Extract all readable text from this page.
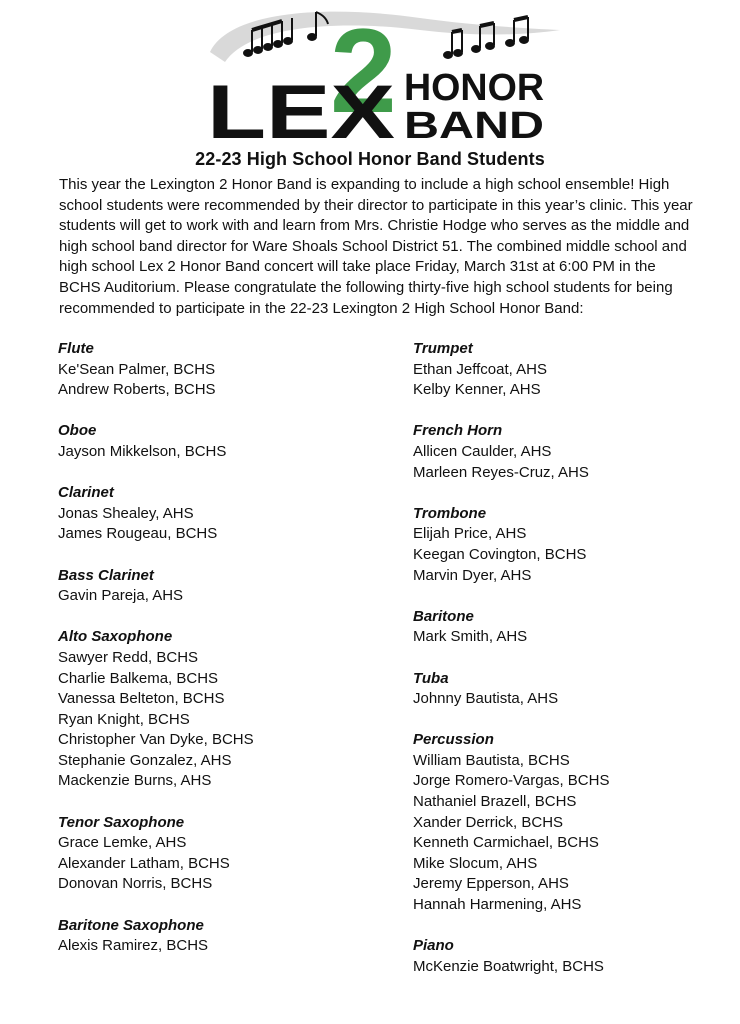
2
LEX HONOR
BAND
22-23 High School Honor Band Students

This year the Lexington 2 Honor Band is expanding to include a high school ensemble! High school students were recommended by their director to participate in this year’s clinic. This year students will get to work with and learn from Mrs. Christie Hodge who serves as the middle and high school band director for Ware Shoals School District 51. The combined middle school and high school Lex 2 Honor Band concert will take place Friday, March 31st at 6:00 PM in the BCHS Auditorium. Please congratulate the following thirty-five high school students for being recommended to participate in the 22-23 Lexington 2 High School Honor Band:

Flute
Ke'Sean Palmer, BCHS
Andrew Roberts, BCHS
Oboe
Jayson Mikkelson, BCHS
Clarinet
Jonas Shealey, AHS
James Rougeau, BCHS
Bass Clarinet
Gavin Pareja, AHS
Alto Saxophone
Sawyer Redd, BCHS
Charlie Balkema, BCHS
Vanessa Belteton, BCHS
Ryan Knight, BCHS
Christopher Van Dyke, BCHS
Stephanie Gonzalez, AHS
Mackenzie Burns, AHS
Tenor Saxophone
Grace Lemke, AHS
Alexander Latham, BCHS
Donovan Norris, BCHS
Baritone Saxophone
Alexis Ramirez, BCHS
Trumpet
Ethan Jeffcoat, AHS
Kelby Kenner, AHS
French Horn
Allicen Caulder, AHS
Marleen Reyes-Cruz, AHS
Trombone
Elijah Price, AHS
Keegan Covington, BCHS
Marvin Dyer, AHS
Baritone
Mark Smith, AHS
Tuba
Johnny Bautista, AHS
Percussion
William Bautista, BCHS
Jorge Romero-Vargas, BCHS
Nathaniel Brazell, BCHS
Xander Derrick, BCHS
Kenneth Carmichael, BCHS
Mike Slocum, AHS
Jeremy Epperson, AHS
Hannah Harmening, AHS
Piano
McKenzie Boatwright, BCHS
